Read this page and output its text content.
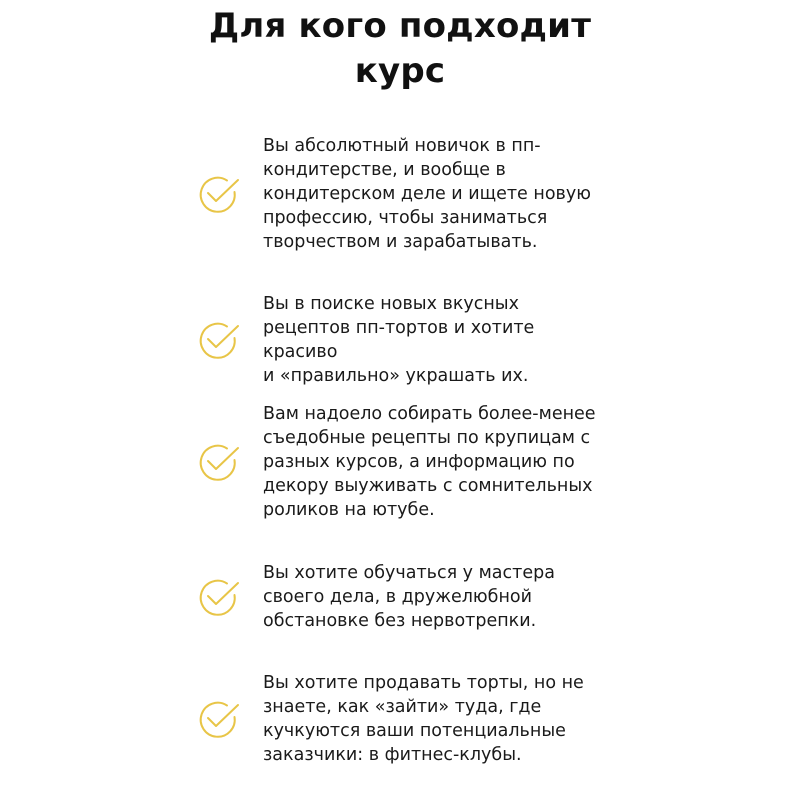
Для кого подходит
курс
Вы абсолютный новичок в пп-
кондитерстве, и вообще в
кондитерском деле и ищете новую
профессию, чтобы заниматься
творчеством и зарабатывать.
Вы в поиске новых вкусных
рецептов пп-тортов и хотите красиво
и «правильно» украшать их.
Вам надоело собирать более-менее
съедобные рецепты по крупицам с
разных курсов, а информацию по
декору выуживать с сомнительных
роликов на ютубе.
Вы хотите обучаться у мастера
своего дела, в дружелюбной
обстановке без нервотрепки.
Вы хотите продавать торты, но не
знаете, как «зайти» туда, где
кучкуются ваши потенциальные
заказчики: в фитнес-клубы.
